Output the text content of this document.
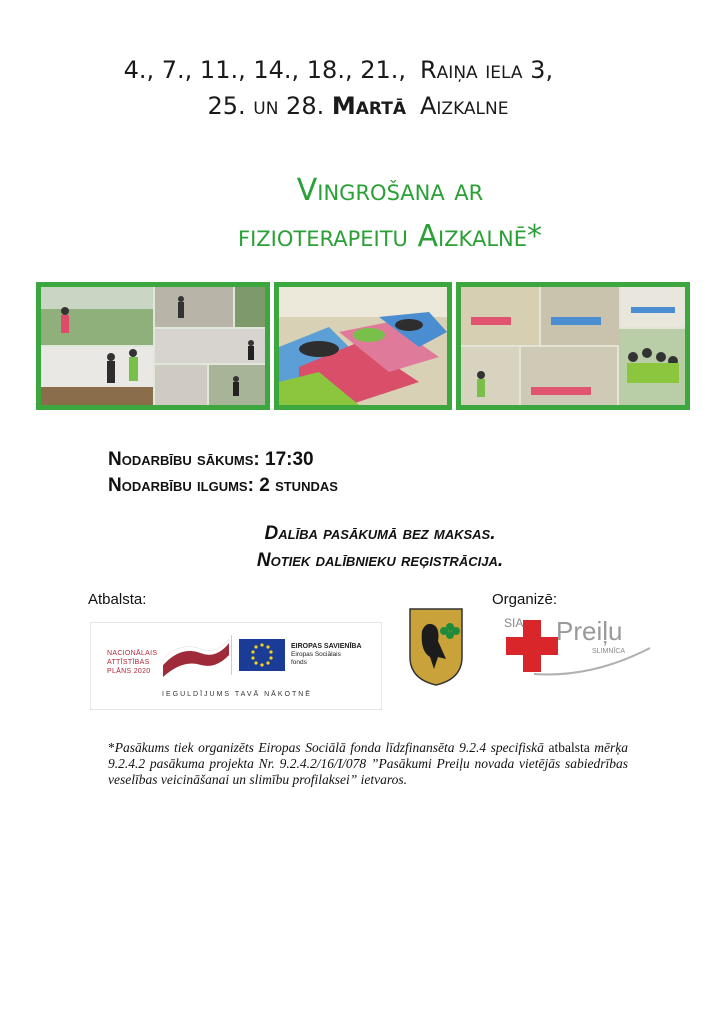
4., 7., 11., 14., 18., 21.,
25. un 28. Martā
Raiņa iela 3,
Aizkalne
Vingrošana ar
fizioterapeitu Aizkalnē*
Nodarbību sākums: 17:30
Nodarbību ilgums: 2 stundas
Dalība pasākumā bez maksas.
Notiek dalībnieku reģistrācija.
Atbalsta:
NACIONĀLAIS
ATTĪSTĪBAS
PLĀNS 2020
EIROPAS SAVIENĪBA
Eiropas Sociālais
fonds
IEGULDĪJUMS TAVĀ NĀKOTNĒ
Organizē:
SIA Preiļu
SLIMNĪCA
*Pasākums tiek organizēts Eiropas Sociālā fonda līdzfinansēta 9.2.4 specifiskā atbalsta mērķa 9.2.4.2 pasākuma projekta Nr. 9.2.4.2/16/I/078 ”Pasākumi Preiļu novada vietējās sabiedrības veselības veicināšanai un slimību profilaksei” ietvaros.
